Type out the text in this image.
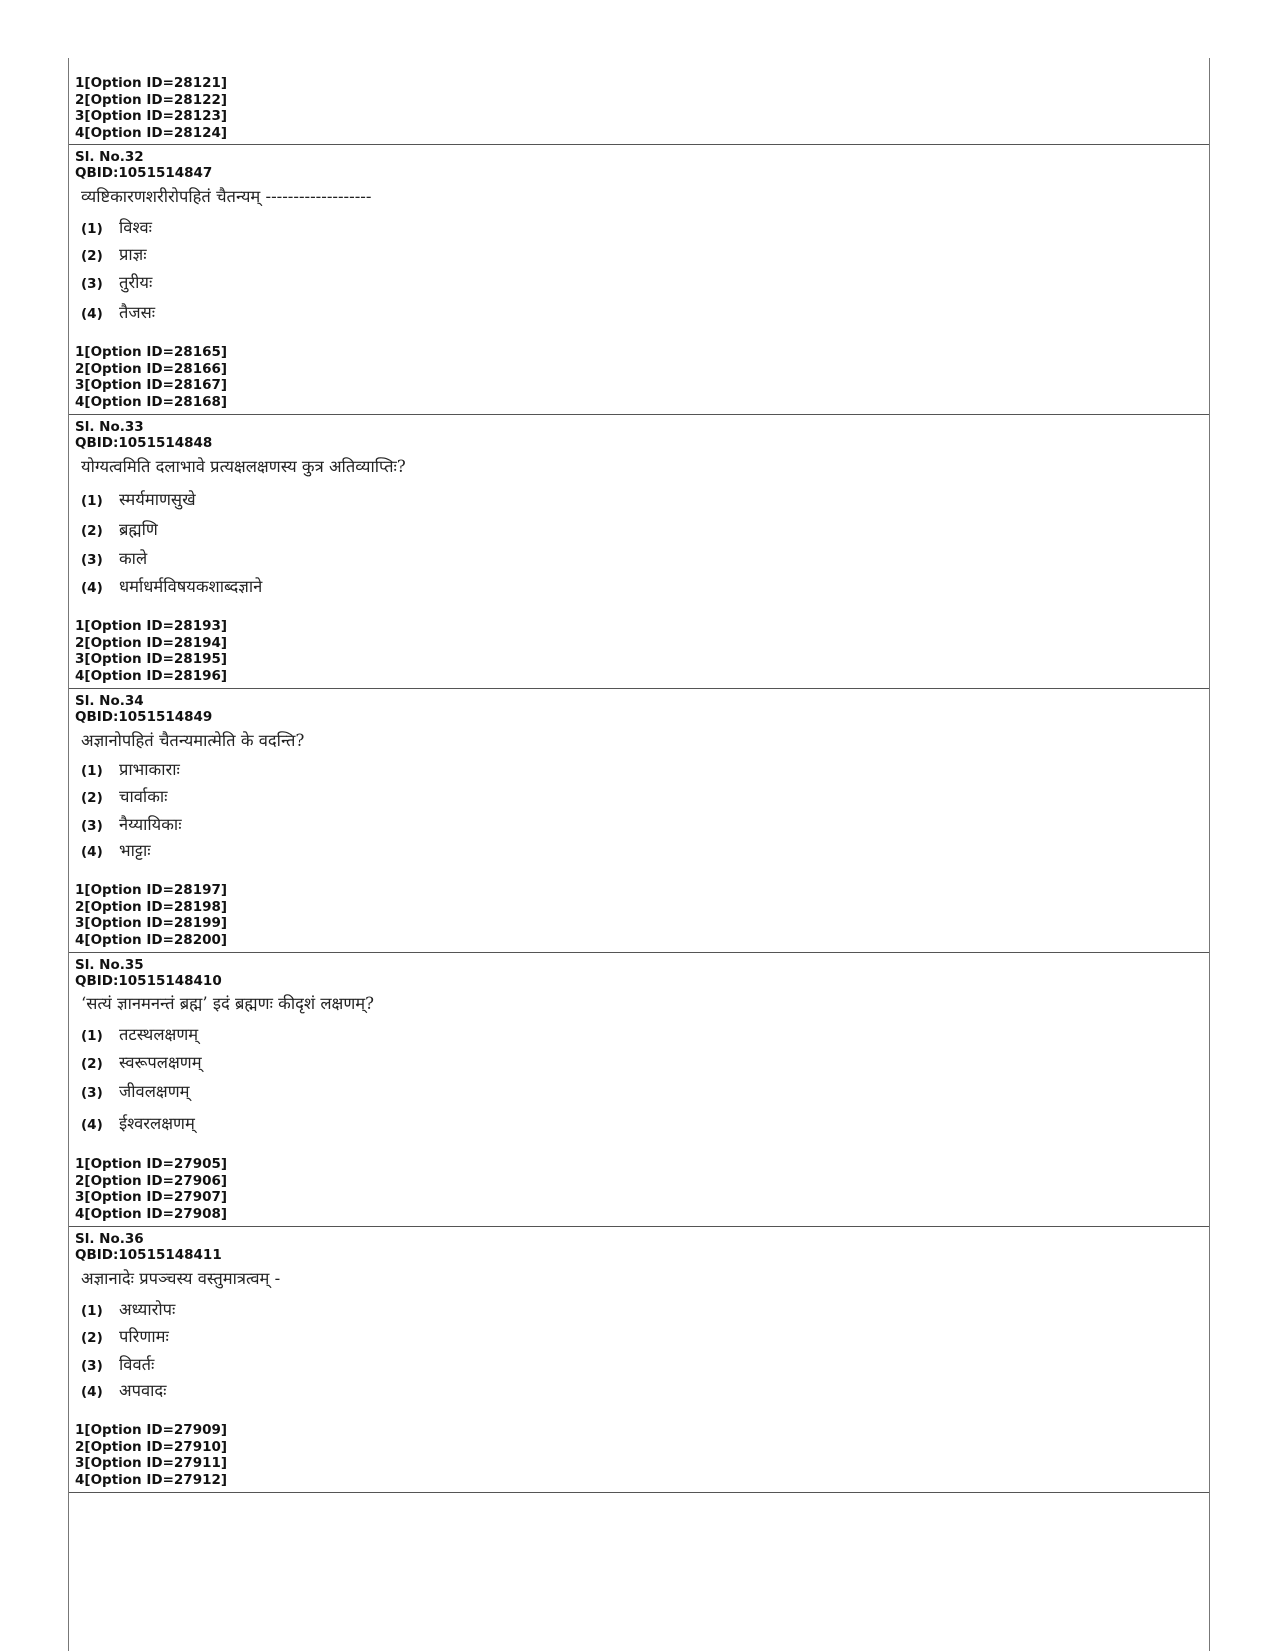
1[Option ID=28121]
2[Option ID=28122]
3[Option ID=28123]
4[Option ID=28124]
Sl. No.32
QBID:1051514847
व्यष्टिकारणशरीरोपहितं चैतन्यम् -------------------
(1) विश्वः
(2) प्राज्ञः
(3) तुरीयः
(4) तैजसः
1[Option ID=28165]
2[Option ID=28166]
3[Option ID=28167]
4[Option ID=28168]
Sl. No.33
QBID:1051514848
योग्यत्वमिति दलाभावे प्रत्यक्षलक्षणस्य कुत्र अतिव्याप्तिः?
(1) स्मर्यमाणसुखे
(2) ब्रह्मणि
(3) काले
(4) धर्माधर्मविषयकशाब्दज्ञाने
1[Option ID=28193]
2[Option ID=28194]
3[Option ID=28195]
4[Option ID=28196]
Sl. No.34
QBID:1051514849
अज्ञानोपहितं चैतन्यमात्मेति के वदन्ति?
(1) प्राभाकाराः
(2) चार्वाकाः
(3) नैय्यायिकाः
(4) भाट्टाः
1[Option ID=28197]
2[Option ID=28198]
3[Option ID=28199]
4[Option ID=28200]
Sl. No.35
QBID:10515148410
‘सत्यं ज्ञानमनन्तं ब्रह्म’ इदं ब्रह्मणः कीदृशं लक्षणम्?
(1) तटस्थलक्षणम्
(2) स्वरूपलक्षणम्
(3) जीवलक्षणम्
(4) ईश्वरलक्षणम्
1[Option ID=27905]
2[Option ID=27906]
3[Option ID=27907]
4[Option ID=27908]
Sl. No.36
QBID:10515148411
अज्ञानादेः प्रपञ्चस्य वस्तुमात्रत्वम् -
(1) अध्यारोपः
(2) परिणामः
(3) विवर्तः
(4) अपवादः
1[Option ID=27909]
2[Option ID=27910]
3[Option ID=27911]
4[Option ID=27912]
